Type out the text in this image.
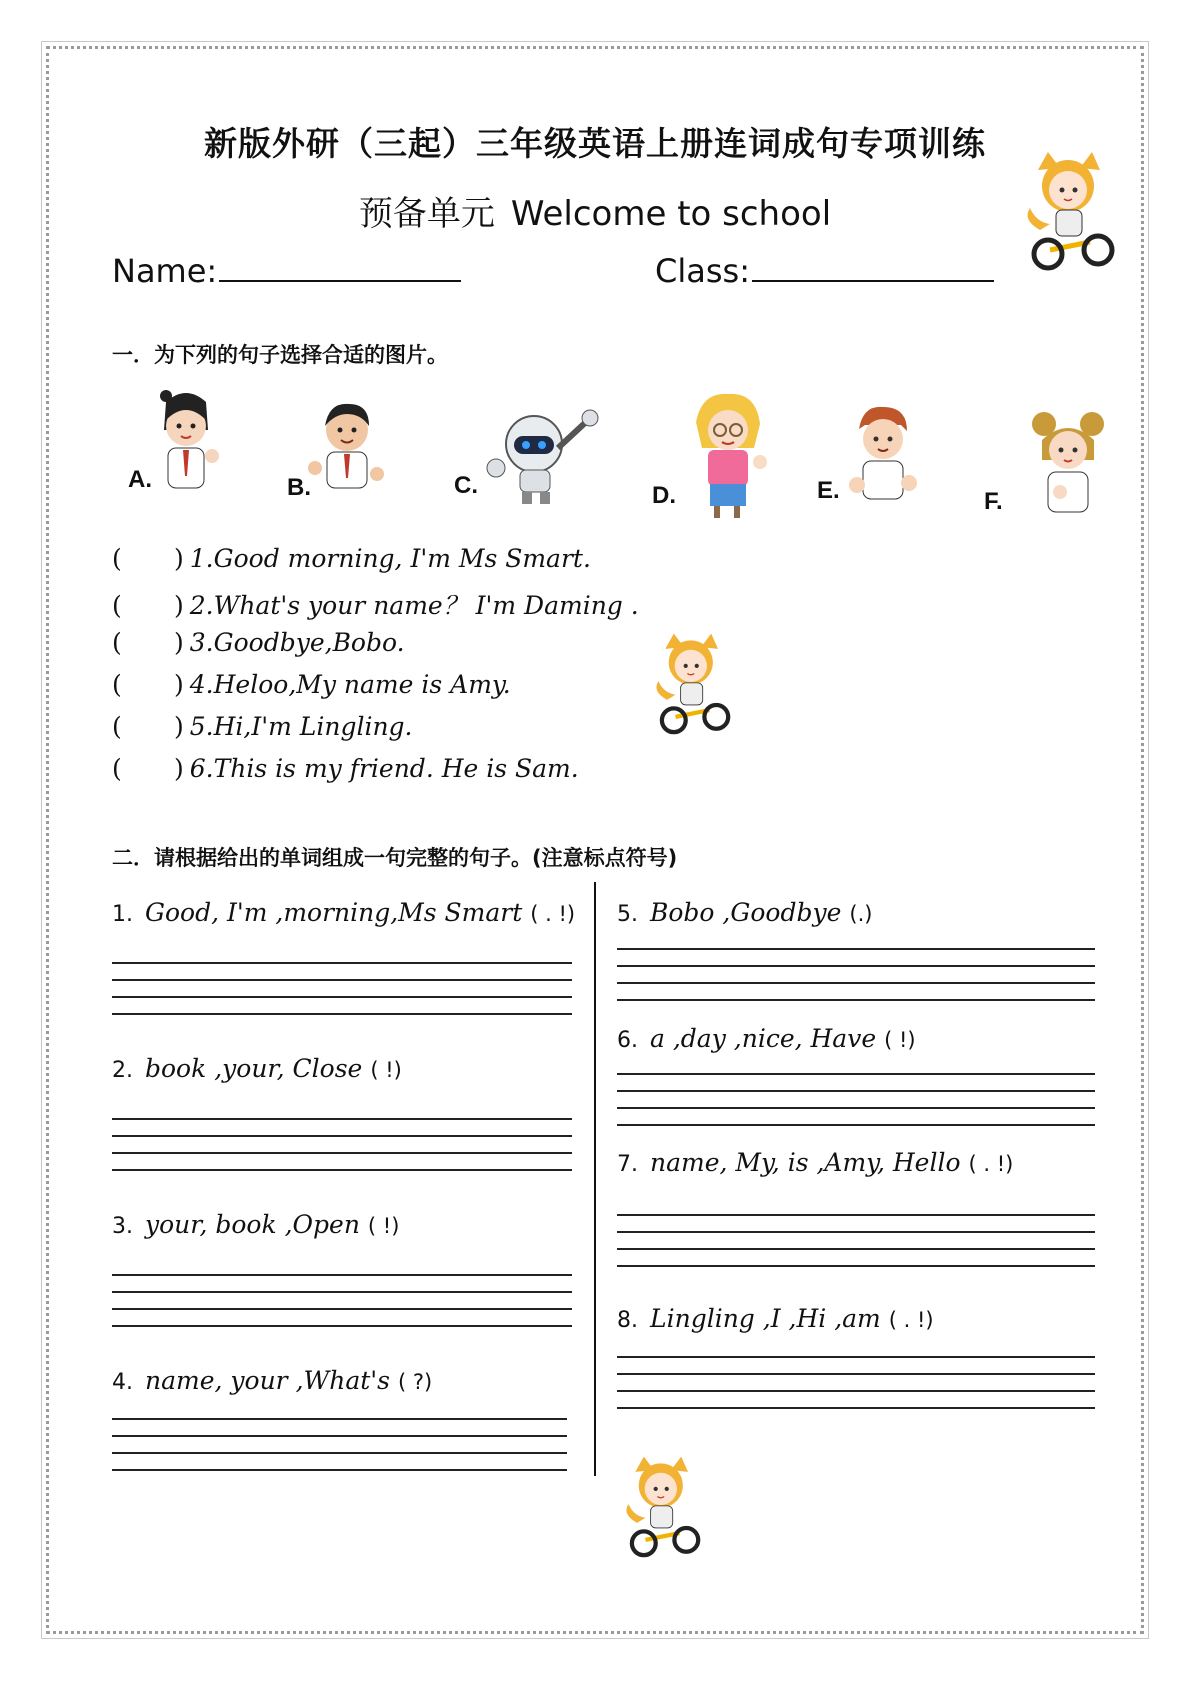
新版外研（三起）三年级英语上册连词成句专项训练
预备单元 Welcome to school
Name:	Class:
一．为下列的句子选择合适的图片。
A.	B.	C.	D.	E.	F.
( ) 1.Good morning, I'm Ms Smart.
( ) 2.What's your name？ I'm Daming .
( ) 3.Goodbye,Bobo.
( ) 4.Heloo,My name is Amy.
( ) 5.Hi,I'm Lingling.
( ) 6.This is my friend. He is Sam.
二．请根据给出的单词组成一句完整的句子。(注意标点符号)
1. Good, I'm ,morning,Ms Smart ( . !)
2. book ,your, Close ( !)
3. your, book ,Open ( !)
4. name, your ,What's ( ?)
5. Bobo ,Goodbye (.)
6. a ,day ,nice, Have ( !)
7. name, My, is ,Amy, Hello ( . !)
8. Lingling ,I ,Hi ,am ( . !)
